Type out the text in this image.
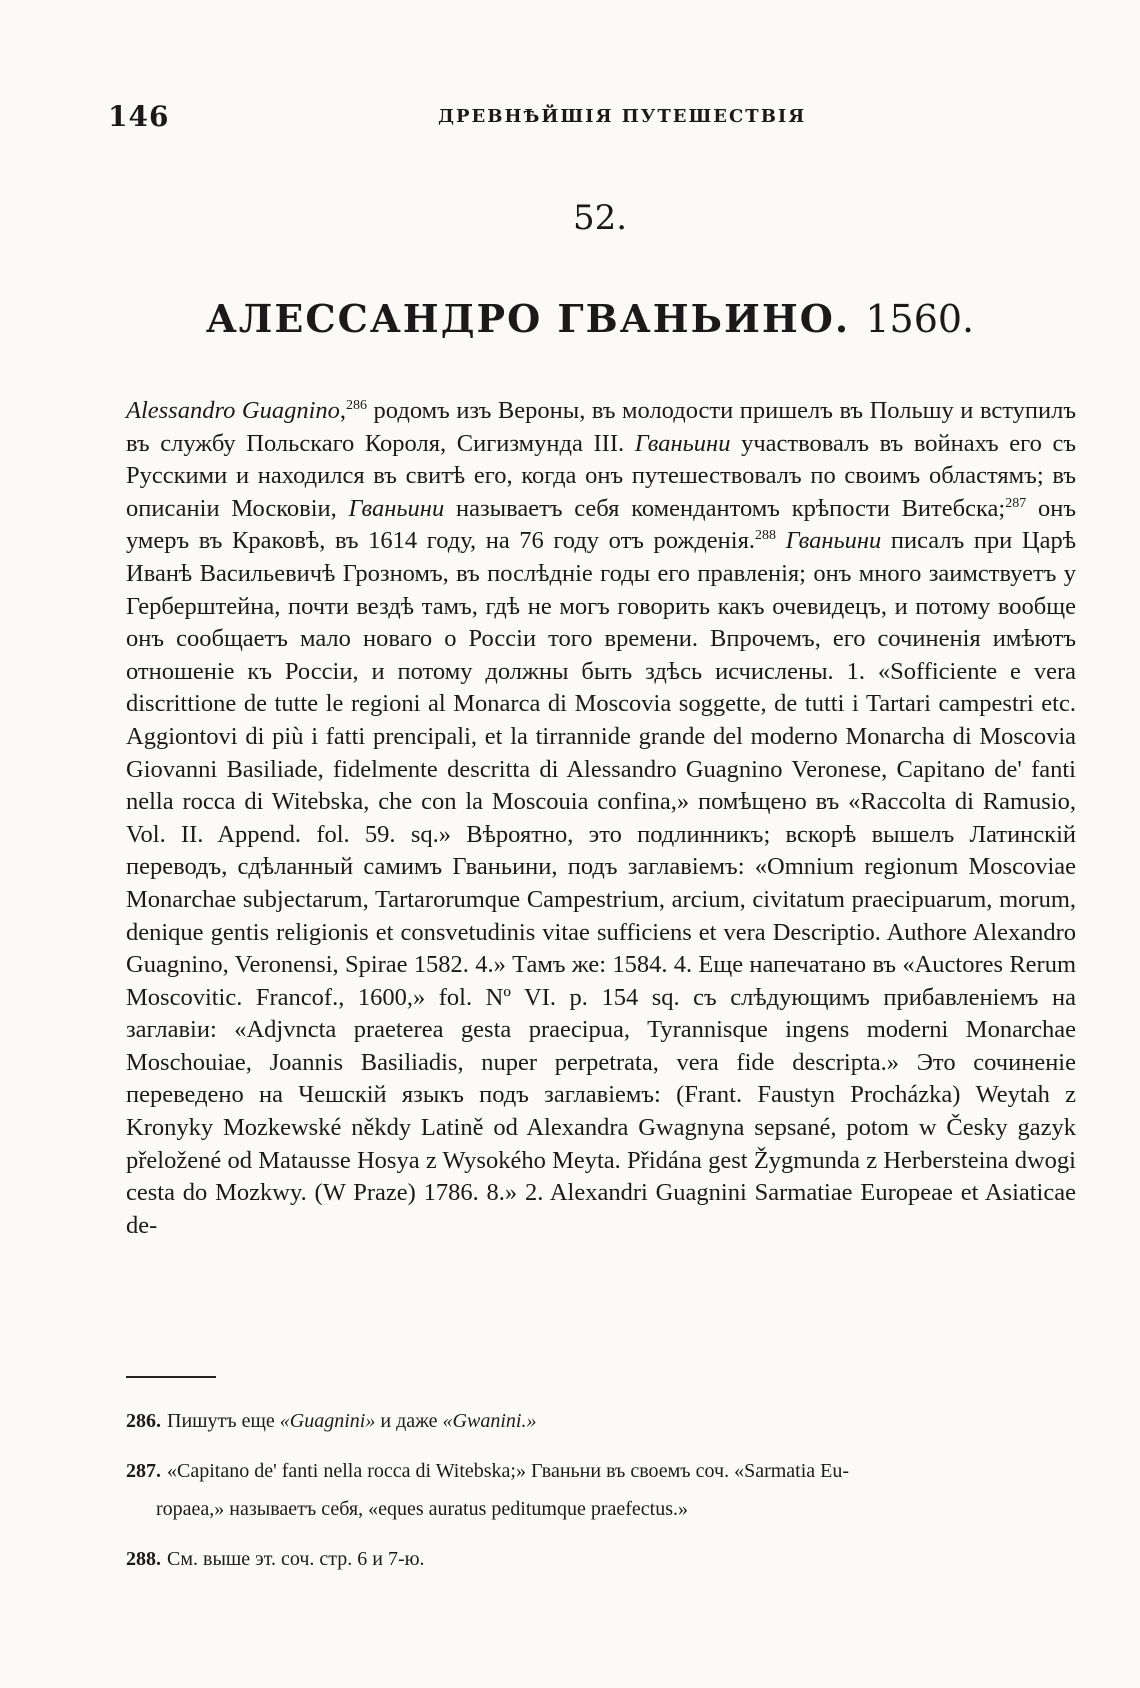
146	ДРЕВНѢЙШІЯ ПУТЕШЕСТВІЯ
52.
АЛЕССАНДРО ГВАНЬИНО. 1560.
Alessandro Guagnino,$^{286}$ родомъ изъ Вероны, въ молодости пришелъ въ Польшу и вступилъ въ службу Польскаго Короля, Сигизмунда III. Гваньини участвовалъ въ войнахъ его съ Русскими и находился въ свитѣ его, когда онъ путешествовалъ по своимъ областямъ; въ описаніи Московіи, Гваньини называетъ себя комендантомъ крѣпости Витебска;$^{287}$ онъ умеръ въ Краковѣ, въ 1614 году, на 76 году отъ рожденія.$^{288}$ Гваньини писалъ при Царѣ Иванѣ Васильевичѣ Грозномъ, въ послѣдніе годы его правленія; онъ много заимствуетъ у Герберштейна, почти вездѣ тамъ, гдѣ не могъ говорить какъ очевидецъ, и потому вообще онъ сообщаетъ мало новаго о Россіи того времени. Впрочемъ, его сочиненія имѣютъ отношеніе къ Россіи, и потому должны быть здѣсь исчислены. 1. «Sofficiente e vera discrittione de tutte le regioni al Monarca di Moscovia soggette, de tutti i Tartari campestri etc. Aggiontovi di più i fatti prencipali, et la tirrannide grande del moderno Monarcha di Moscovia Giovanni Basiliade, fidelmente descritta di Alessandro Guagnino Veronese, Capitano de' fanti nella rocca di Witebska, che con la Moscouia confina,» помѣщено въ «Raccolta di Ramusio, Vol. II. Append. fol. 59. sq.» Вѣроятно, это подлинникъ; вскорѣ вышелъ Латинскій переводъ, сдѣланный самимъ Гваньини, подъ заглавіемъ: «Omnium regionum Moscoviae Monarchae subjectarum, Tartarorumque Campestrium, arcium, civitatum praecipuarum, morum, denique gentis religionis et consvetudinis vitae sufficiens et vera Descriptio. Authore Alexandro Guagnino, Veronensi, Spirae 1582. 4.» Тамъ же: 1584. 4. Еще напечатано въ «Auctores Rerum Moscovitic. Francof., 1600,» fol. Nº VI. p. 154 sq. съ слѣдующимъ прибавленіемъ на заглавіи: «Adjvncta praeterea gesta praecipua, Tyrannisque ingens moderni Monarchae Moschouiae, Joannis Basiliadis, nuper perpetrata, vera fide descripta.» Это сочиненіе переведено на Чешскій языкъ подъ заглавіемъ: (Frant. Faustyn Procházka) Weytah z Kronyky Mozkewské někdy Latině od Alexandra Gwagnyna sepsané, potom w Česky gazyk přeložené od Mataussе Hosya z Wysokého Meyta. Přidána gest Žygmunda z Herbersteina dwogi cesta do Mozkwy. (W Praze) 1786. 8.» 2. Alexandri Guagnini Sarmatiae Europeae et Asiaticae de-
286. Пишутъ еще «Guagnini» и даже «Gwanini.»
287. «Capitano de' fanti nella rocca di Witebska;» Гваньни въ своемъ соч. «Sarmatia Eu-
ropaea,» называетъ себя, «eques auratus peditumque praefectus.»
288. См. выше эт. соч. стр. 6 и 7-ю.
